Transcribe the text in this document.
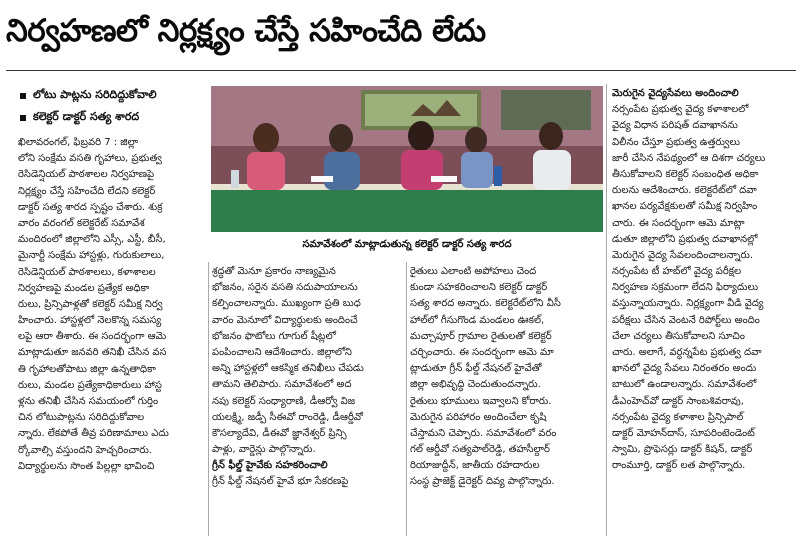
నిర్వహణలో నిర్లక్ష్యం చేస్తే సహించేది లేదు
లోటు పాట్లను సరిదిద్దుకోవాలి
కలెక్టర్ డాక్టర్ సత్య శారద
ఖిలావరంగల్, ఫిబ్రవరి 7 : జిల్లా
లోని సంక్షేమ వసతి గృహాలు, ప్రభుత్వ
రెసిడెన్షియల్ పాఠశాలల నిర్వహణపై
నిర్లక్ష్యం చేస్తే సహించేది లేదని కలెక్టర్
డాక్టర్ సత్య శారద స్పష్టం చేశారు. శుక్ర
వారం వరంగల్ కలెక్టరేట్ సమావేశ
మందిరంలో జిల్లాలోని ఎస్సీ, ఎస్టీ, బీసీ,
మైనార్టీ సంక్షేమ హాస్టళ్లు, గురుకులాలు,
రెసిడెన్షియల్ పాఠశాలలు, కళాశాలల
నిర్వహణపై మండల ప్రత్యేక అధికా
రులు, ప్రిన్సిపాళ్లతో కలెక్టర్ సమీక్ష నిర్వ
హించారు. హాస్టళ్లలో నెలకొన్న సమస్య
లపై ఆరా తీశారు. ఈ సందర్భంగా ఆమె
మాట్లాడుతూ జనవరి తనిఖీ చేసిన వస
తి గృహాలతోపాటు జిల్లా ఉన్నతాధికా
రులు, మండల ప్రత్యేకాధికారులు హాస్ట
ళ్లను తనిఖీ చేసిన సమయంలో గుర్తిం
చిన లోటుపాట్లను సరిదిద్దుకోవాల
న్నారు. లేకపోతే తీవ్ర పరిణామాలు ఎదు
ర్కోవాల్సి వస్తుందని హెచ్చరించారు.
విద్యార్థులను సొంత పిల్లల్లా భావించి
సమావేశంలో మాట్లాడుతున్న కలెక్టర్ డాక్టర్ సత్య శారద
శ్రద్ధతో మెనూ ప్రకారం నాణ్యమైన
భోజనం, సరైన వసతి సదుపాయాలను
కల్పించాలన్నారు. ముఖ్యంగా ప్రతి బుధ
వారం మెనూలో విద్యార్థులకు అందించే
భోజనం ఫొటోలు గూగుల్ షీట్లలో
పంపించాలని ఆదేశించారు. జిల్లాలోని
అన్ని హాస్టళ్లలో ఆకస్మిక తనిఖీలు చేపడు
తామని తెలిపారు. సమావేశంలో అద
నపు కలెక్టర్ సంధ్యారాణి, డీఆర్వో విజ
యలక్ష్మి, జడ్పీ సీఈవో రాంరెడ్డి, డీఆర్డీవో
కౌసల్యాదేవి, డీఈవో జ్ఞానేశ్వర్ ప్రిన్సి
పాళ్లు, వార్డెన్లు పాల్గొన్నారు.
గ్రీన్ ఫీల్డ్ హైవేకు సహకరించాలి
గ్రీన్ ఫీల్డ్ నేషనల్ హైవే భూ సేకరణపై
రైతులు ఎలాంటి అపోహలు చెంద
కుండా సహకరించాలని కలెక్టర్ డాక్టర్
సత్య శారద అన్నారు. కలెక్టరేట్‌లోని వీసీ
హాల్‌లో గీసుగొండ మండలం ఊకల్,
మచ్చాపూర్ గ్రామాల రైతులతో కలెక్టర్
చర్చించారు. ఈ సందర్భంగా ఆమె మా
ట్లాడుతూ గ్రీన్ ఫీల్డ్ నేషనల్ హైవేతో
జిల్లా అభివృద్ధి చెందుతుందన్నారు.
రైతులు భూములు ఇవ్వాలని కోరారు.
మెరుగైన పరిహారం అందించేలా కృషి
చేస్తామని చెప్పారు. సమావేశంలో వరం
గల్ ఆర్డీవో సత్యపాల్‌రెడ్డి, తహసీల్దార్
రియాజుద్దీన్, జాతీయ రహదారుల
సంస్థ ప్రాజెక్ట్ డైరెక్టర్ దివ్య పాల్గొన్నారు.
మెరుగైన వైద్యసేవలు అందించాలి
నర్సంపేట ప్రభుత్వ వైద్య కళాశాలలో
వైద్య విధాన పరిషత్ దవాఖానను
విలీనం చేస్తూ ప్రభుత్వ ఉత్తర్వులు
జారీ చేసిన నేపథ్యంలో ఆ దిశగా చర్యలు
తీసుకోవాలని కలెక్టర్ సంబంధిత అధికా
రులను ఆదేశించారు. కలెక్టరేట్‌లో దవా
ఖానల పర్యవేక్షకులతో సమీక్ష నిర్వహిం
చారు. ఈ సందర్భంగా ఆమె మాట్లా
డుతూ జిల్లాలోని ప్రభుత్వ దవాఖానల్లో
మెరుగైన వైద్య సేవలందించాలన్నారు.
నర్సంపేట టీ హబ్‌లో వైద్య పరీక్షల
నిర్వహణ సక్రమంగా లేదని ఫిర్యాదులు
వస్తున్నాయన్నారు. నిర్లక్ష్యంగా వీడి వైద్య
పరీక్షలు చేసిన వెంటనే రిపోర్ట్‌లు అందిం
చేలా చర్యలు తీసుకోవాలని సూచిం
చారు. అలాగే, వర్ధన్నపేట ప్రభుత్వ దవా
ఖానలో వైద్య సేవలు నిరంతరం అందు
బాటులో ఉండాలన్నారు. సమావేశంలో
డీఎంహెచ్‌వో డాక్టర్ సాంబశివరావు,
నర్సంపేట వైద్య కళాశాల ప్రిన్సిపాల్
డాక్టర్ మోహన్‌దాస్, సూపరింటెండెంట్
స్వామి, ప్రొఫెసర్లు డాక్టర్ కిషన్, డాక్టర్
రాంమూర్తి, డాక్టర్ లత పాల్గొన్నారు.
